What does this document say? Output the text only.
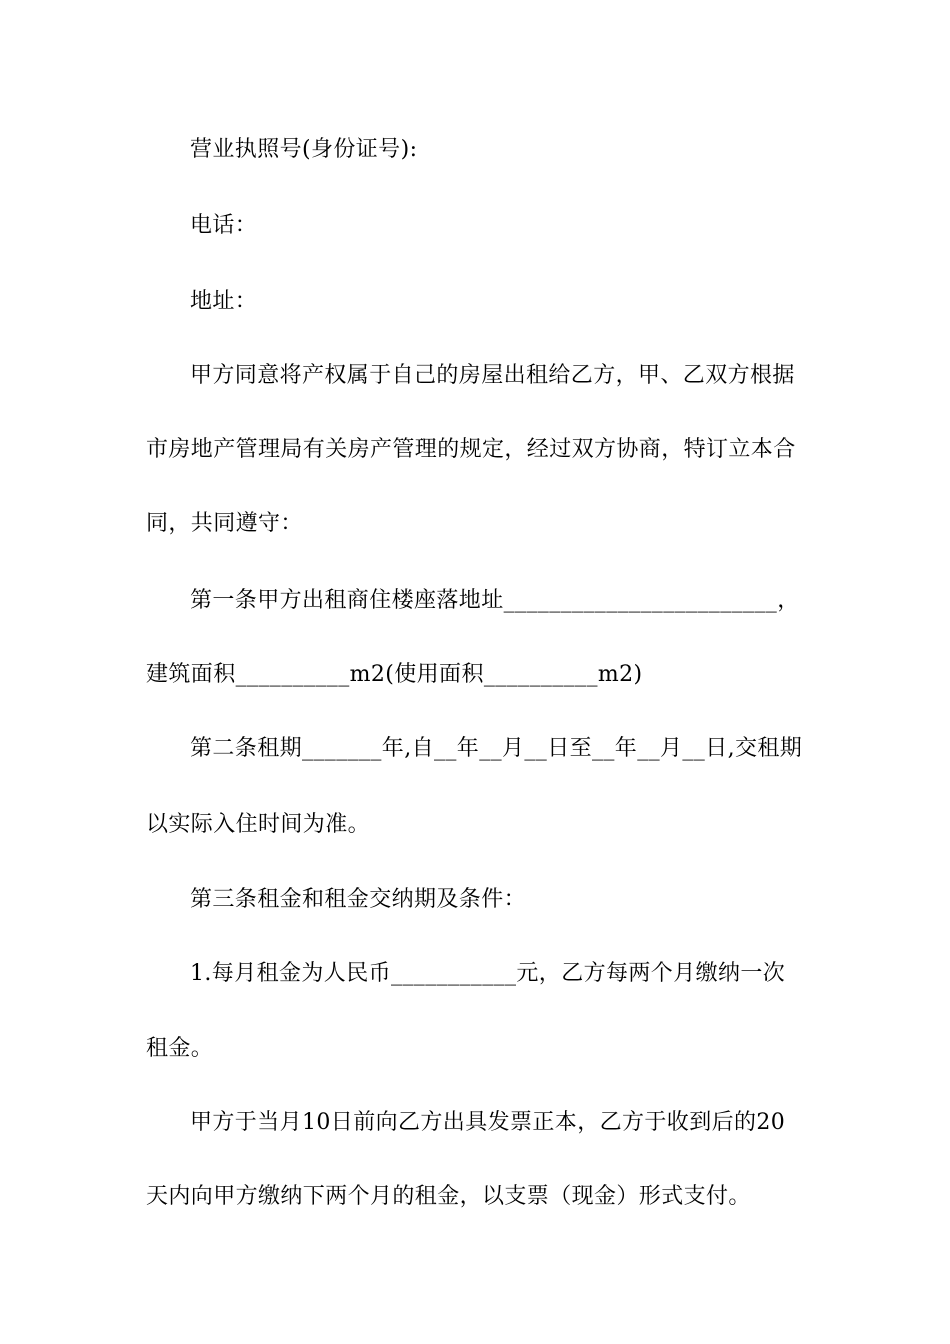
营业执照号(身份证号):
电话：
地址：
甲方同意将产权属于自己的房屋出租给乙方，甲、乙双方根据
市房地产管理局有关房产管理的规定，经过双方协商，特订立本合
同，共同遵守：
第一条甲方出租商住楼座落地址________________________，
建筑面积__________m2(使用面积__________m2)
第二条租期_______年,自__年__月__日至__年__月__日,交租期
以实际入住时间为准。
第三条租金和租金交纳期及条件：
1.每月租金为人民币___________元，乙方每两个月缴纳一次
租金。
甲方于当月10日前向乙方出具发票正本，乙方于收到后的20
天内向甲方缴纳下两个月的租金，以支票（现金）形式支付。
